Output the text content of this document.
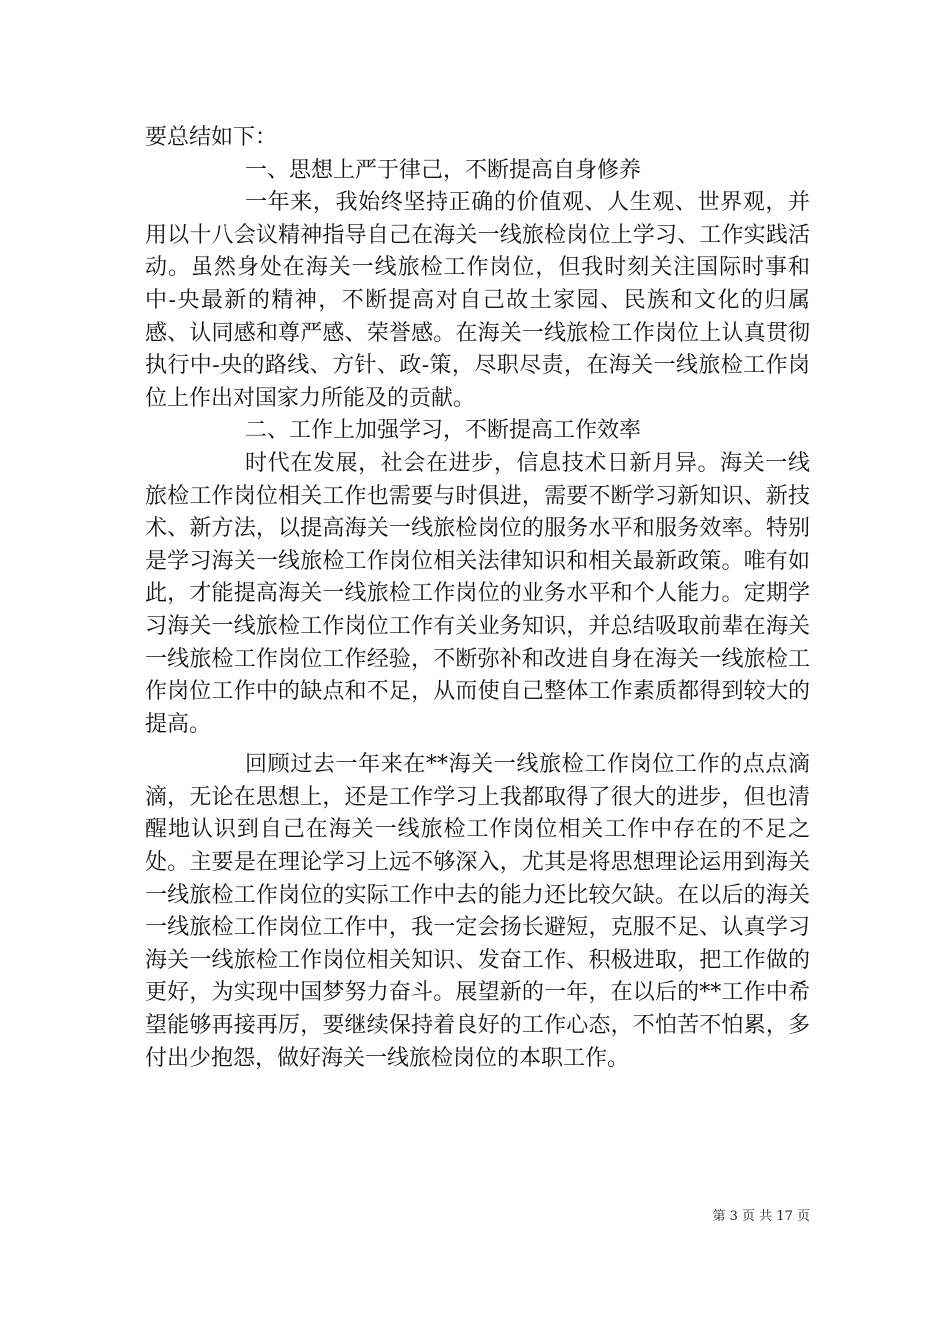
要总结如下：

一、思想上严于律己，不断提高自身修养

一年来，我始终坚持正确的价值观、人生观、世界观，并用以十八会议精神指导自己在海关一线旅检岗位上学习、工作实践活动。虽然身处在海关一线旅检工作岗位，但我时刻关注国际时事和中-央最新的精神，不断提高对自己故土家园、民族和文化的归属感、认同感和尊严感、荣誉感。在海关一线旅检工作岗位上认真贯彻执行中-央的路线、方针、政-策，尽职尽责，在海关一线旅检工作岗位上作出对国家力所能及的贡献。

二、工作上加强学习，不断提高工作效率

时代在发展，社会在进步，信息技术日新月异。海关一线旅检工作岗位相关工作也需要与时俱进，需要不断学习新知识、新技术、新方法，以提高海关一线旅检岗位的服务水平和服务效率。特别是学习海关一线旅检工作岗位相关法律知识和相关最新政策。唯有如此，才能提高海关一线旅检工作岗位的业务水平和个人能力。定期学习海关一线旅检工作岗位工作有关业务知识，并总结吸取前辈在海关一线旅检工作岗位工作经验，不断弥补和改进自身在海关一线旅检工作岗位工作中的缺点和不足，从而使自己整体工作素质都得到较大的提高。

回顾过去一年来在**海关一线旅检工作岗位工作的点点滴滴，无论在思想上，还是工作学习上我都取得了很大的进步，但也清醒地认识到自己在海关一线旅检工作岗位相关工作中存在的不足之处。主要是在理论学习上远不够深入，尤其是将思想理论运用到海关一线旅检工作岗位的实际工作中去的能力还比较欠缺。在以后的海关一线旅检工作岗位工作中，我一定会扬长避短，克服不足、认真学习海关一线旅检工作岗位相关知识、发奋工作、积极进取，把工作做的更好，为实现中国梦努力奋斗。展望新的一年，在以后的**工作中希望能够再接再厉，要继续保持着良好的工作心态，不怕苦不怕累，多付出少抱怨，做好海关一线旅检岗位的本职工作。

第 3 页 共 17 页
